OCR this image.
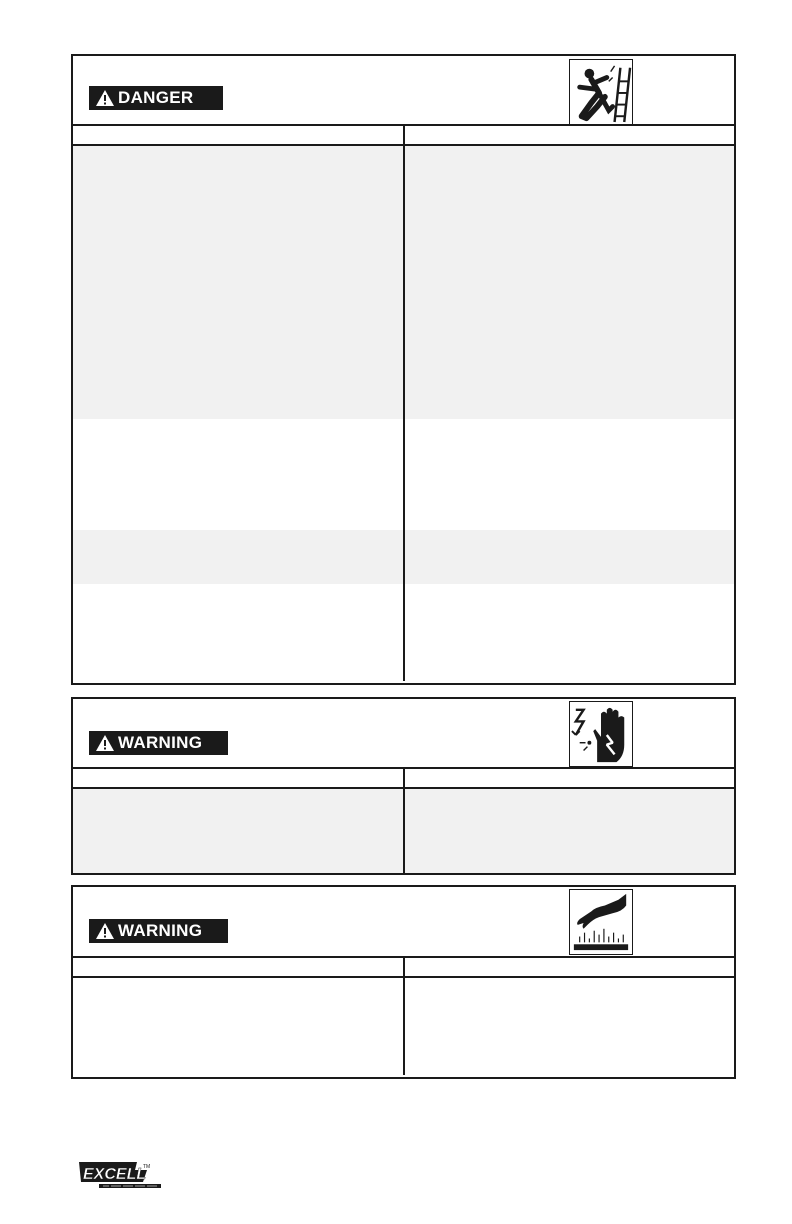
DANGER
WARNING
WARNING
EXCELL
TM
